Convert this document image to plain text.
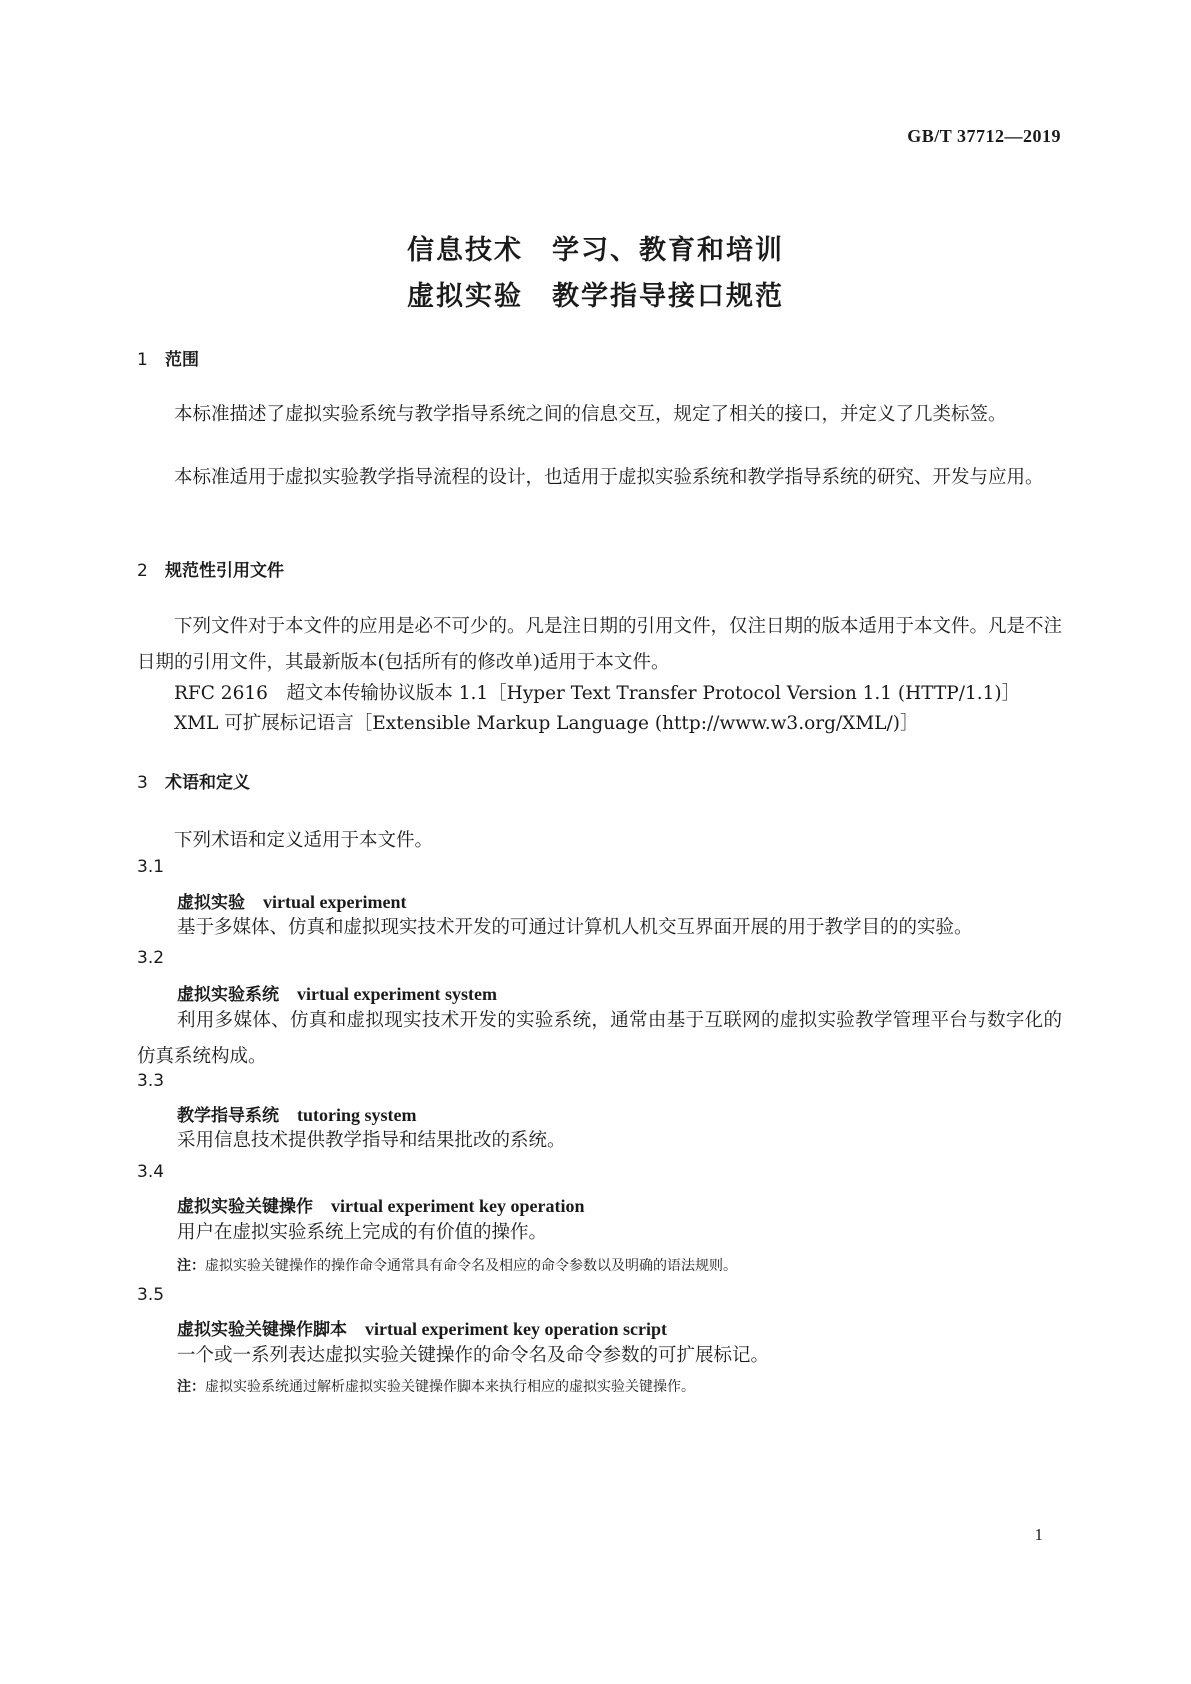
GB/T 37712—2019
信息技术　学习、教育和培训
虚拟实验　教学指导接口规范
1 范围

本标准描述了虚拟实验系统与教学指导系统之间的信息交互，规定了相关的接口，并定义了几类标签。

本标准适用于虚拟实验教学指导流程的设计，也适用于虚拟实验系统和教学指导系统的研究、开发与应用。

2 规范性引用文件

下列文件对于本文件的应用是必不可少的。凡是注日期的引用文件，仅注日期的版本适用于本文件。凡是不注日期的引用文件，其最新版本(包括所有的修改单)适用于本文件。

RFC 2616　超文本传输协议版本 1.1［Hyper Text Transfer Protocol Version 1.1 (HTTP/1.1)］
XML 可扩展标记语言［Extensible Markup Language (http://www.w3.org/XML/)］
3 术语和定义
下列术语和定义适用于本文件。
3.1
虚拟实验 virtual experiment

基于多媒体、仿真和虚拟现实技术开发的可通过计算机人机交互界面开展的用于教学目的的实验。

3.2
虚拟实验系统 virtual experiment system

利用多媒体、仿真和虚拟现实技术开发的实验系统，通常由基于互联网的虚拟实验教学管理平台与数字化的仿真系统构成。

3.3
教学指导系统 tutoring system

采用信息技术提供教学指导和结果批改的系统。

3.4
虚拟实验关键操作 virtual experiment key operation

用户在虚拟实验系统上完成的有价值的操作。

注：虚拟实验关键操作的操作命令通常具有命令名及相应的命令参数以及明确的语法规则。
3.5
虚拟实验关键操作脚本 virtual experiment key operation script

一个或一系列表达虚拟实验关键操作的命令名及命令参数的可扩展标记。

注：虚拟实验系统通过解析虚拟实验关键操作脚本来执行相应的虚拟实验关键操作。
1
